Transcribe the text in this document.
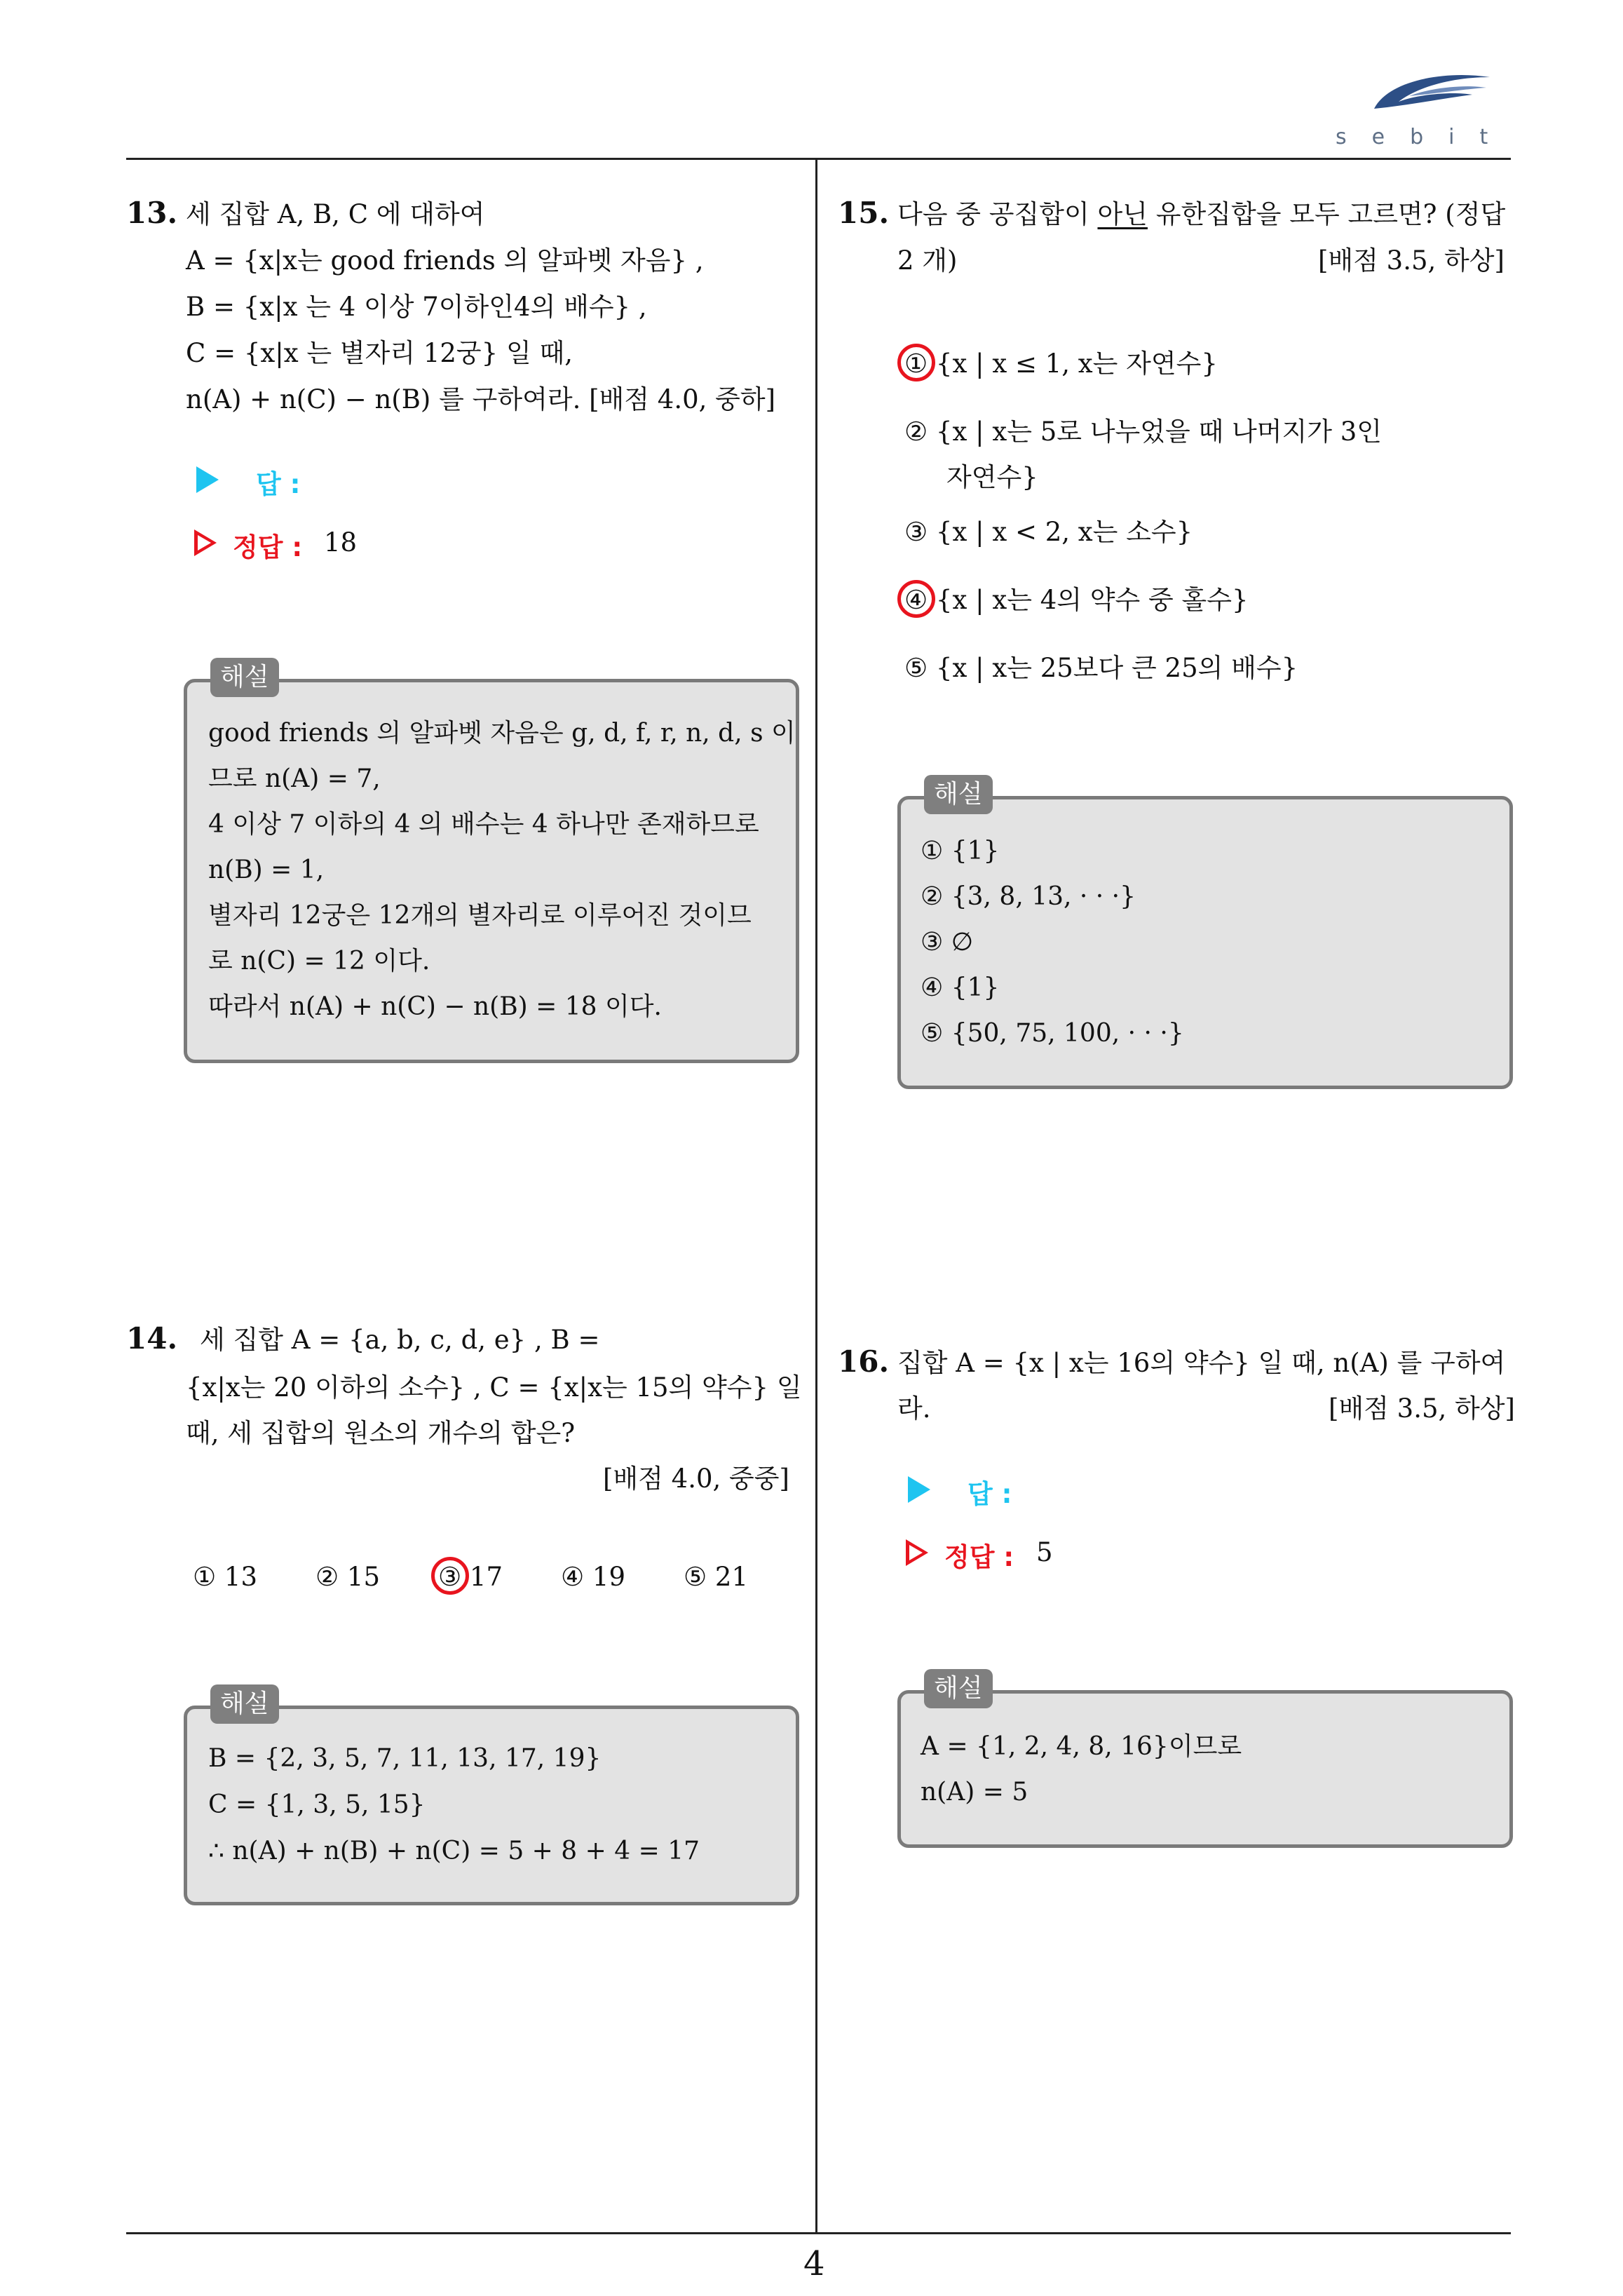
sebit
4
13. 세 집합 A, B, C 에 대하여
A = {x|x는 good friends 의 알파벳 자음} ,
B = {x|x 는 4 이상 7이하인4의 배수} ,
C = {x|x 는 별자리 12궁} 일 때,
n(A) + n(C) − n(B) 를 구하여라. [배점 4.0, 중하]
답 :
정답 : 18
해설
good friends 의 알파벳 자음은 g, d, f, r, n, d, s 이
므로 n(A) = 7,
4 이상 7 이하의 4 의 배수는 4 하나만 존재하므로
n(B) = 1,
별자리 12궁은 12개의 별자리로 이루어진 것이므
로 n(C) = 12 이다.
따라서 n(A) + n(C) − n(B) = 18 이다.
14. 세 집합 A = {a, b, c, d, e} , B =
{x|x는 20 이하의 소수} , C = {x|x는 15의 약수} 일
때, 세 집합의 원소의 개수의 합은?
[배점 4.0, 중중]
① 13 ② 15 ③ 17 ④ 19 ⑤ 21
해설
B = {2, 3, 5, 7, 11, 13, 17, 19}
C = {1, 3, 5, 15}
∴ n(A) + n(B) + n(C) = 5 + 8 + 4 = 17
15. 다음 중 공집합이 아닌 유한집합을 모두 고르면? (정답
2 개)	[배점 3.5, 하상]
① {x | x ≤ 1, x는 자연수}
② {x | x는 5로 나누었을 때 나머지가 3인
자연수}
③ {x | x < 2, x는 소수}
④ {x | x는 4의 약수 중 홀수}
⑤ {x | x는 25보다 큰 25의 배수}
해설
① {1}
② {3, 8, 13, · · ·}
③ ∅
④ {1}
⑤ {50, 75, 100, · · ·}
16. 집합 A = {x | x는 16의 약수} 일 때, n(A) 를 구하여
라.	[배점 3.5, 하상]
답 :
정답 : 5
해설
A = {1, 2, 4, 8, 16}이므로
n(A) = 5
